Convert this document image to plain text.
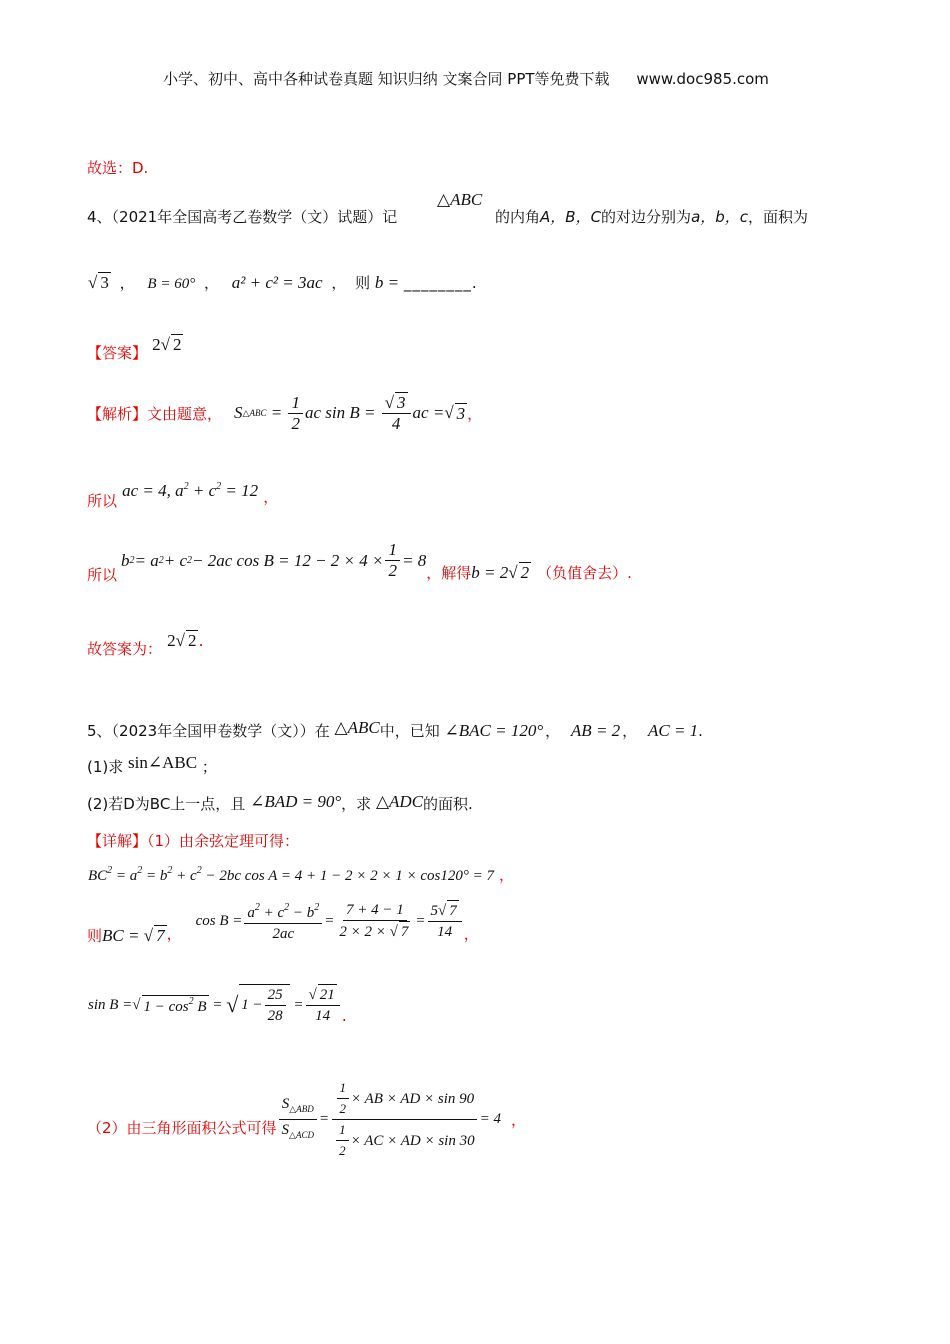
小学、初中、高中各种试卷真题 知识归纳 文案合同 PPT等免费下载 www.doc985.com
故选：D.
4、（2021年全国高考乙卷数学（文）试题）记
△ABC
的内角A，B，C的对边分别为a，b，c，面积为
√ 3 ， B = 60° ， a² + c² = 3ac ， 则 b = ________.
【答案】 2 √ 2
【解析】 文由题意， S △ABC = $\frac{1}{2}$ ac sin B = √ $\frac{3}{4}$ ac = √ 3 ，
所以 ac = 4, $a^2 + c^2 = 12$ ，
所以
b 2 = a 2 + c 2 − 2ac $\cos B = 12 - 2 \times 4 \times \frac{1}{2} = 8$
，解得 b = 2 √ 2 （负值舍去）.
故答案为： 2 √ 2 .
5、（2023年全国甲卷数学（文））在 △ABC中，已知 ∠BAC = 120° ， AB = 2 ， AC = 1.
(1)求 sin∠ABC ；
(2)若D为BC上一点，且 ∠BAD = 90°，求 △ADC的面积.
【详解】（1）由余弦定理可得：
$BC^2 = a^2 = b^2 + c^2 - 2bc$ cos A = 4 + 1 − 2 × 2 × 1 × cos120° = 7 ，
则 BC = √ 7 ，
$\cos B = \frac{a^2 + c^2 - b^2}{2ac} = \frac{7 + 4 - 1}{2 \times 2 \times √ 7} = \frac{5 √ 7}{14}$ ，
sin B = √ $1 - \cos^2 B$ = √ $1 - \frac{25}{28}$ = √ $\frac{21}{14}$ .
（2）由三角形面积公式可得 $\frac{S_{\triangle ABD}}{S_{\triangle ACD}} = \frac{\frac{1}{2} \times AB \times AD \times \sin 90}{\frac{1}{2} \times AC \times AD \times \sin 30} = 4$ ，
